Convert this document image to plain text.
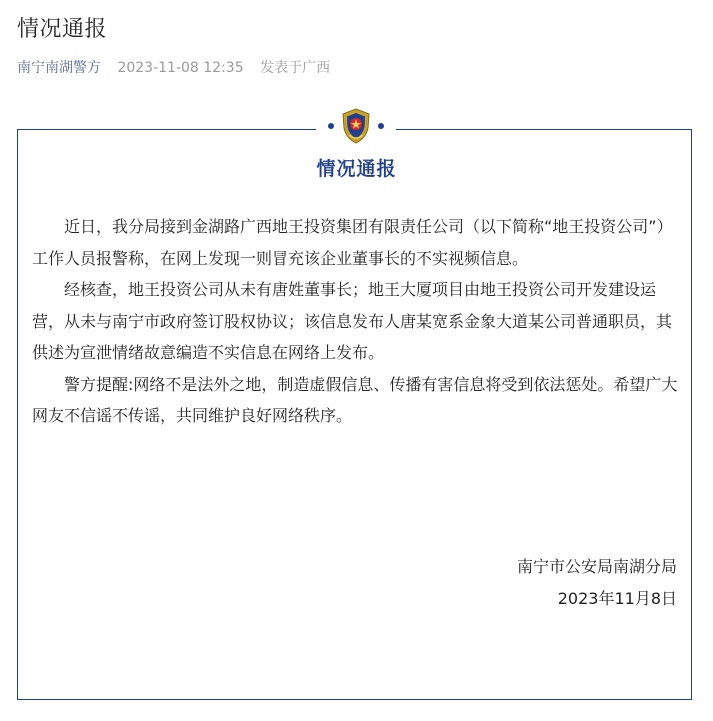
情况通报
南宁南湖警方 2023-11-08 12:35 发表于广西
情况通报

近日，我分局接到金湖路广西地王投资集团有限责任公司（以下简称“地王投资公司”）工作人员报警称，在网上发现一则冒充该企业董事长的不实视频信息。

经核查，地王投资公司从未有唐姓董事长；地王大厦项目由地王投资公司开发建设运营，从未与南宁市政府签订股权协议；该信息发布人唐某宽系金象大道某公司普通职员，其供述为宣泄情绪故意编造不实信息在网络上发布。

警方提醒:网络不是法外之地，制造虚假信息、传播有害信息将受到依法惩处。希望广大网友不信谣不传谣，共同维护良好网络秩序。

南宁市公安局南湖分局
2023年11月8日
